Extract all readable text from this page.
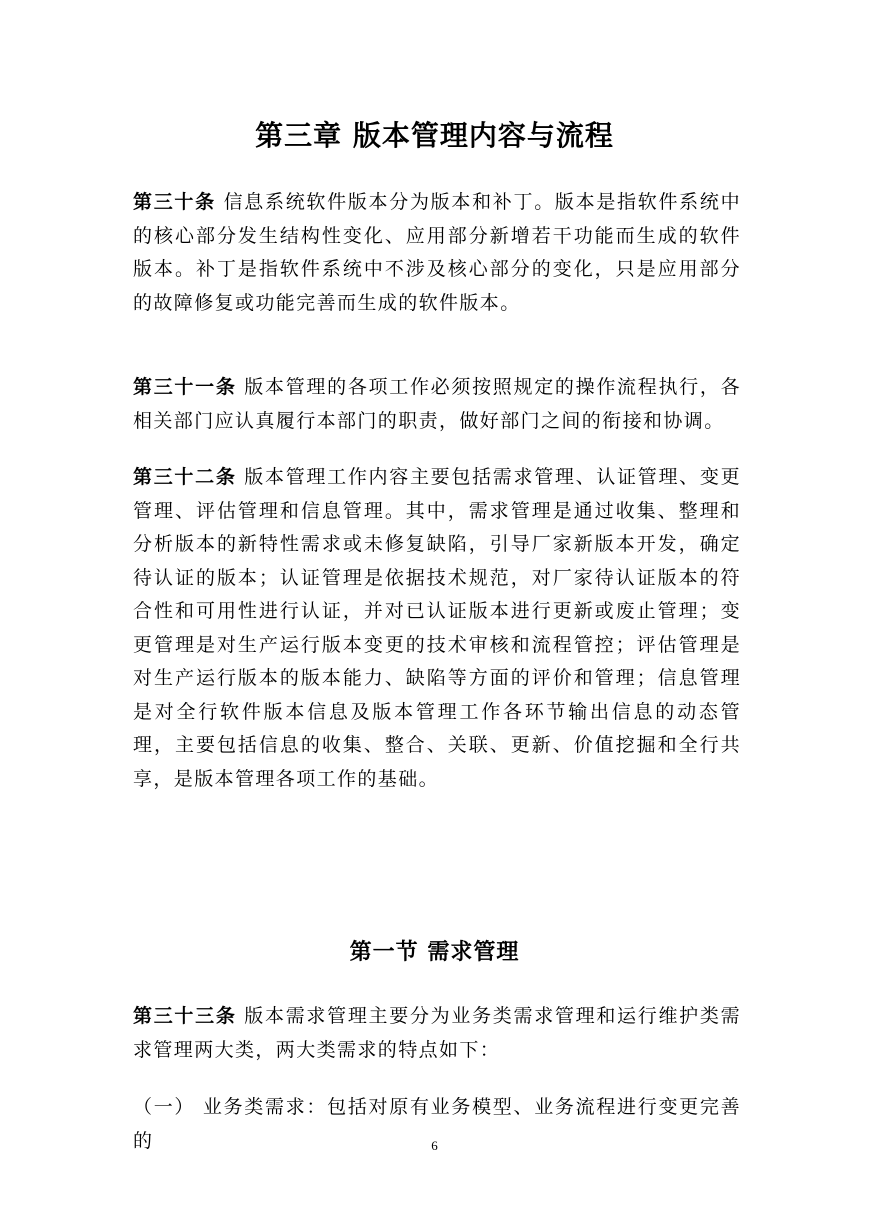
第三章 版本管理内容与流程
第三十条 信息系统软件版本分为版本和补丁。版本是指软件系统中的核心部分发生结构性变化、应用部分新增若干功能而生成的软件版本。补丁是指软件系统中不涉及核心部分的变化，只是应用部分的故障修复或功能完善而生成的软件版本。
第三十一条 版本管理的各项工作必须按照规定的操作流程执行，各相关部门应认真履行本部门的职责，做好部门之间的衔接和协调。
第三十二条 版本管理工作内容主要包括需求管理、认证管理、变更管理、评估管理和信息管理。其中，需求管理是通过收集、整理和分析版本的新特性需求或未修复缺陷，引导厂家新版本开发，确定待认证的版本；认证管理是依据技术规范，对厂家待认证版本的符合性和可用性进行认证，并对已认证版本进行更新或废止管理；变更管理是对生产运行版本变更的技术审核和流程管控；评估管理是对生产运行版本的版本能力、缺陷等方面的评价和管理；信息管理是对全行软件版本信息及版本管理工作各环节输出信息的动态管理，主要包括信息的收集、整合、关联、更新、价值挖掘和全行共享，是版本管理各项工作的基础。
第一节 需求管理
第三十三条 版本需求管理主要分为业务类需求管理和运行维护类需求管理两大类，两大类需求的特点如下：
（一） 业务类需求：包括对原有业务模型、业务流程进行变更完善的	6
